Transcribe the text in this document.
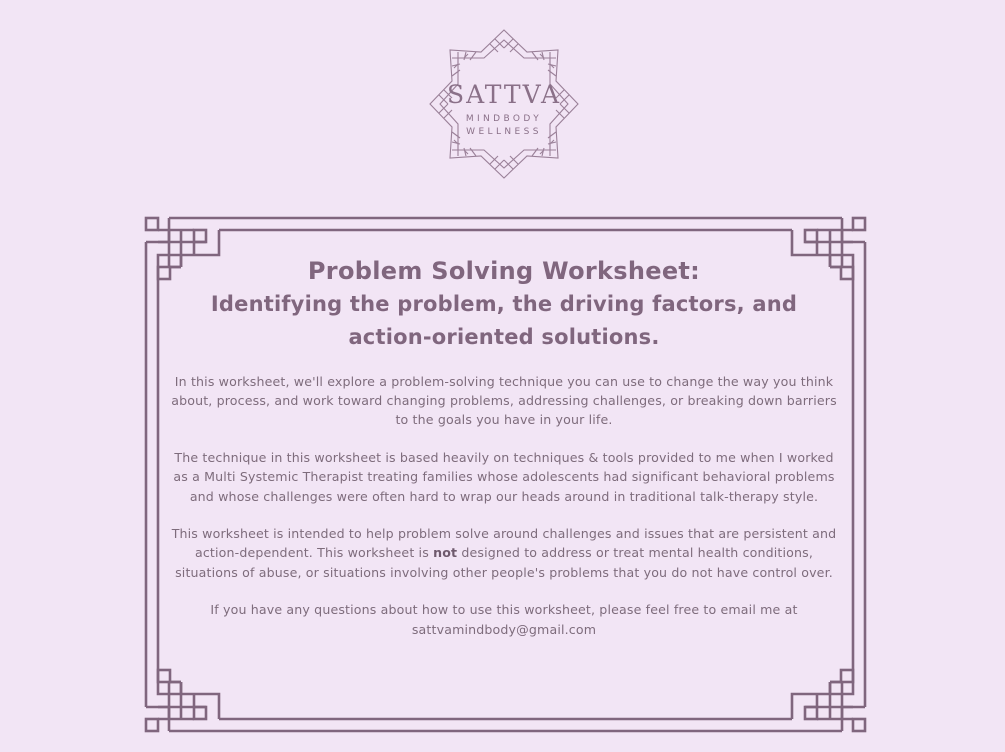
SATTVA
MINDBODY
WELLNESS
Problem Solving Worksheet:
Identifying the problem, the driving factors, and
action-oriented solutions.

In this worksheet, we'll explore a problem-solving technique you can use to change the way you think about, process, and work toward changing problems, addressing challenges, or breaking down barriers to the goals you have in your life.

The technique in this worksheet is based heavily on techniques & tools provided to me when I worked as a Multi Systemic Therapist treating families whose adolescents had significant behavioral problems and whose challenges were often hard to wrap our heads around in traditional talk-therapy style.

This worksheet is intended to help problem solve around challenges and issues that are persistent and action-dependent. This worksheet is not designed to address or treat mental health conditions, situations of abuse, or situations involving other people's problems that you do not have control over.

If you have any questions about how to use this worksheet, please feel free to email me at sattvamindbody@gmail.com
